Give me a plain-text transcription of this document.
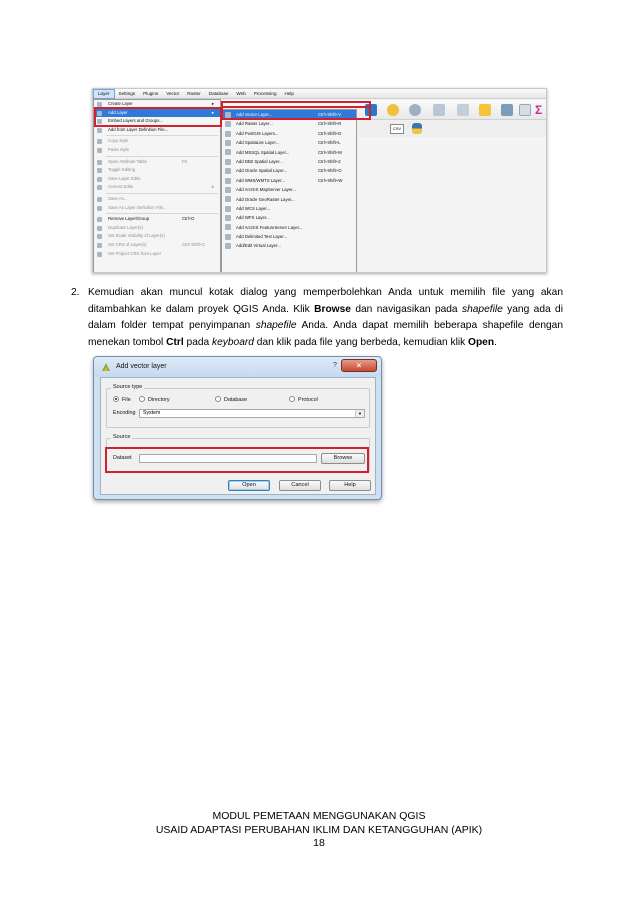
Layer Settings Plugins Vector Raster Database Web Processing Help
Σ
CSV
Create Layer	▸
Add Layer	▸
Embed Layers and Groups...
Add from Layer Definition File...
Copy style
Paste style
Open Attribute Table	F6
Toggle Editing
Save Layer Edits
Current Edits	▸
Save As...
Save As Layer Definition File...
Remove Layer/Group	Ctrl+D
Duplicate Layer(s)
Set Scale Visibility of Layer(s)
Set CRS of Layer(s)	Ctrl+Shift+C
Set Project CRS from Layer
Add Vector Layer...	Ctrl+Shift+V
Add Raster Layer...	Ctrl+Shift+R
Add PostGIS Layers...	Ctrl+Shift+D
Add SpatiaLite Layer...	Ctrl+Shift+L
Add MSSQL Spatial Layer...	Ctrl+Shift+M
Add DB2 Spatial Layer...	Ctrl+Shift+2
Add Oracle Spatial Layer...	Ctrl+Shift+O
Add WMS/WMTS Layer...	Ctrl+Shift+W
Add ArcGIS MapServer Layer...
Add Oracle GeoRaster Layer...
Add WCS Layer...
Add WFS Layer...
Add ArcGIS FeatureServer Layer...
Add Delimited Text Layer...
Add/Edit Virtual Layer...
2. Kemudian akan muncul kotak dialog yang memperbolehkan Anda untuk memilih file yang akan ditambahkan ke dalam proyek QGIS Anda. Klik Browse dan navigasikan pada shapefile yang ada di dalam folder tempat penyimpanan shapefile Anda. Anda dapat memilih beberapa shapefile dengan menekan tombol Ctrl pada keyboard dan klik pada file yang berbeda, kemudian klik Open.

Add vector layer	?	×
Source type
File	Directory	Database	Protocol
Encoding	System	▼
Source
Dataset	Browse
Open	Cancel	Help
MODUL PEMETAAN MENGGUNAKAN QGIS
USAID ADAPTASI PERUBAHAN IKLIM DAN KETANGGUHAN (APIK)
18
